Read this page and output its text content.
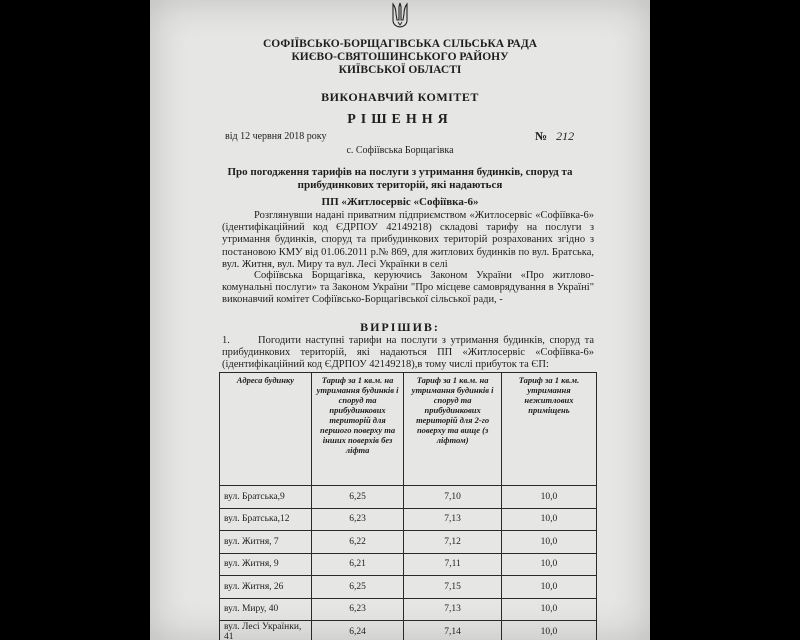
СОФІЇВСЬКО-БОРЩАГІВСЬКА СІЛЬСЬКА РАДА
КИЄВО-СВЯТОШИНСЬКОГО РАЙОНУ
КИЇВСЬКОЇ ОБЛАСТІ
ВИКОНАВЧИЙ КОМІТЕТ
РІШЕННЯ
від 12 червня 2018 року	№ 212
с. Софіївська Борщагівка
Про погодження тарифів на послуги з утримання будинків, споруд та
прибудинкових територій, які надаються
ПП «Житлосервіс «Софіївка-6»
Розглянувши надані приватним підприємством «Житлосервіс «Софіївка-6» (ідентифікаційний код ЄДРПОУ 42149218) складові тарифу на послуги з утримання будинків, споруд та прибудинкових територій розрахованих згідно з постановою КМУ від 01.06.2011 р.№ 869, для житлових будинків по вул. Братська, вул. Житня, вул. Миру та вул. Лесі Українки в селі
Софіївська Борщагівка, керуючись Законом України «Про житлово-комунальні послуги» та Законом України "Про місцеве самоврядування в Україні" виконавчий комітет Софіївсько-Борщагівської сільської ради, -
ВИРІШИВ:
1.	Погодити наступні тарифи на послуги з утримання будинків, споруд та прибудинкових територій, які надаються ПП «Житлосервіс «Софіївка-6» (ідентифікаційний код ЄДРПОУ 42149218),в тому числі прибуток та ЄП:
Адреса будинку	Тариф за 1 кв.м. на утримання будинків і споруд та прибудинкових територій для першого поверху та інших поверхів без ліфта	Тариф за 1 кв.м. на утримання будинків і споруд та прибудинкових територій для 2-го поверху та вище (з ліфтом)	Тариф за 1 кв.м. утримання нежитлових приміщень
вул. Братська,9	6,25	7,10	10,0
вул. Братська,12	6,23	7,13	10,0
вул. Житня, 7	6,22	7,12	10,0
вул. Житня, 9	6,21	7,11	10,0
вул. Житня, 26	6,25	7,15	10,0
вул. Миру, 40	6,23	7,13	10,0
вул. Лесі Українки, 41	6,24	7,14	10,0
